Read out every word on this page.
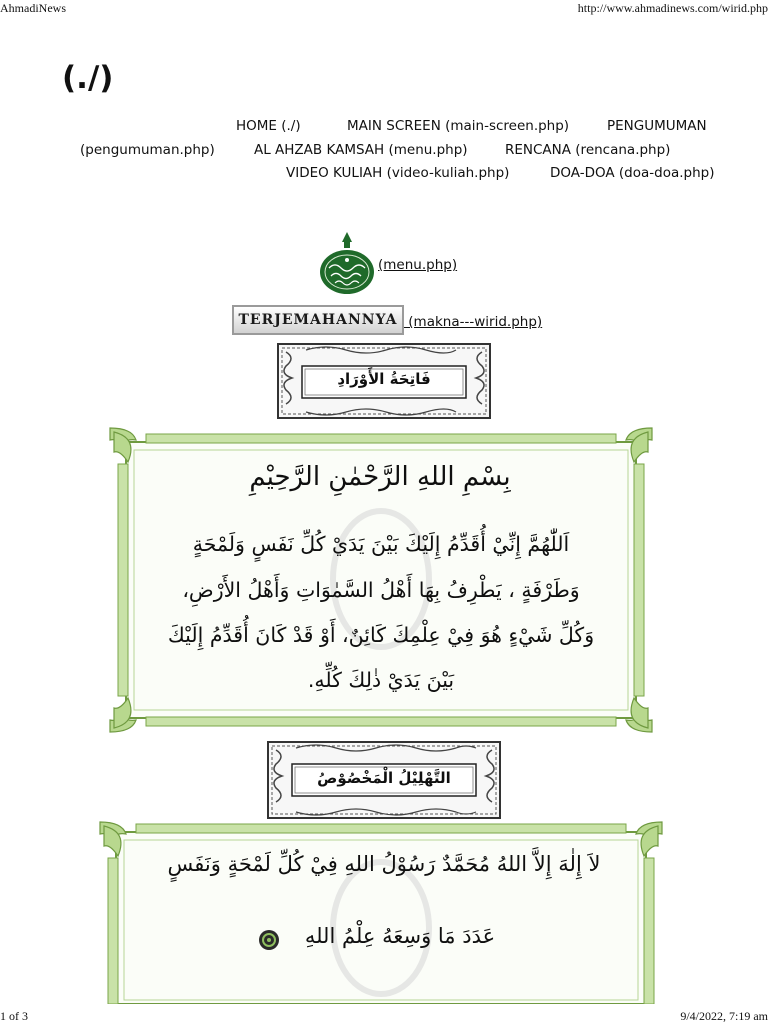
AhmadiNews	http://www.ahmadinews.com/wirid.php
(./)
HOME (./)	MAIN SCREEN (main-screen.php)	PENGUMUMAN
(pengumuman.php)	AL AHZAB KAMSAH (menu.php)	RENCANA (rencana.php)
VIDEO KULIAH (video-kuliah.php)	DOA-DOA (doa-doa.php)
(menu.php)
TERJEMAHANNYA (makna---wirid.php)
فَاتِحَةُ الأَوْرَادِ
بِسْمِ اللهِ الرَّحْمٰنِ الرَّحِيْمِ
اَللّٰهُمَّ إِنِّيْ أُقَدِّمُ إِلَيْكَ بَيْنَ يَدَيْ كُلِّ نَفَسٍ وَلَمْحَةٍ
وَطَرْفَةٍ ، يَطْرِفُ بِهَا أَهْلُ السَّمٰوَاتِ وَأَهْلُ الأَرْضِ،
وَكُلِّ شَيْءٍ هُوَ فِيْ عِلْمِكَ كَائِنٌ، أَوْ قَدْ كَانَ أُقَدِّمُ إِلَيْكَ
بَيْنَ يَدَيْ ذٰلِكَ كُلِّهِ.
التَّهْلِيْلُ الْمَخْصُوْصُ
لاَ إِلٰهَ إِلاَّ اللهُ مُحَمَّدٌ رَسُوْلُ اللهِ فِيْ كُلِّ لَمْحَةٍ وَنَفَسٍ
عَدَدَ مَا وَسِعَهُ عِلْمُ اللهِ
1 of 3	9/4/2022, 7:19 am
